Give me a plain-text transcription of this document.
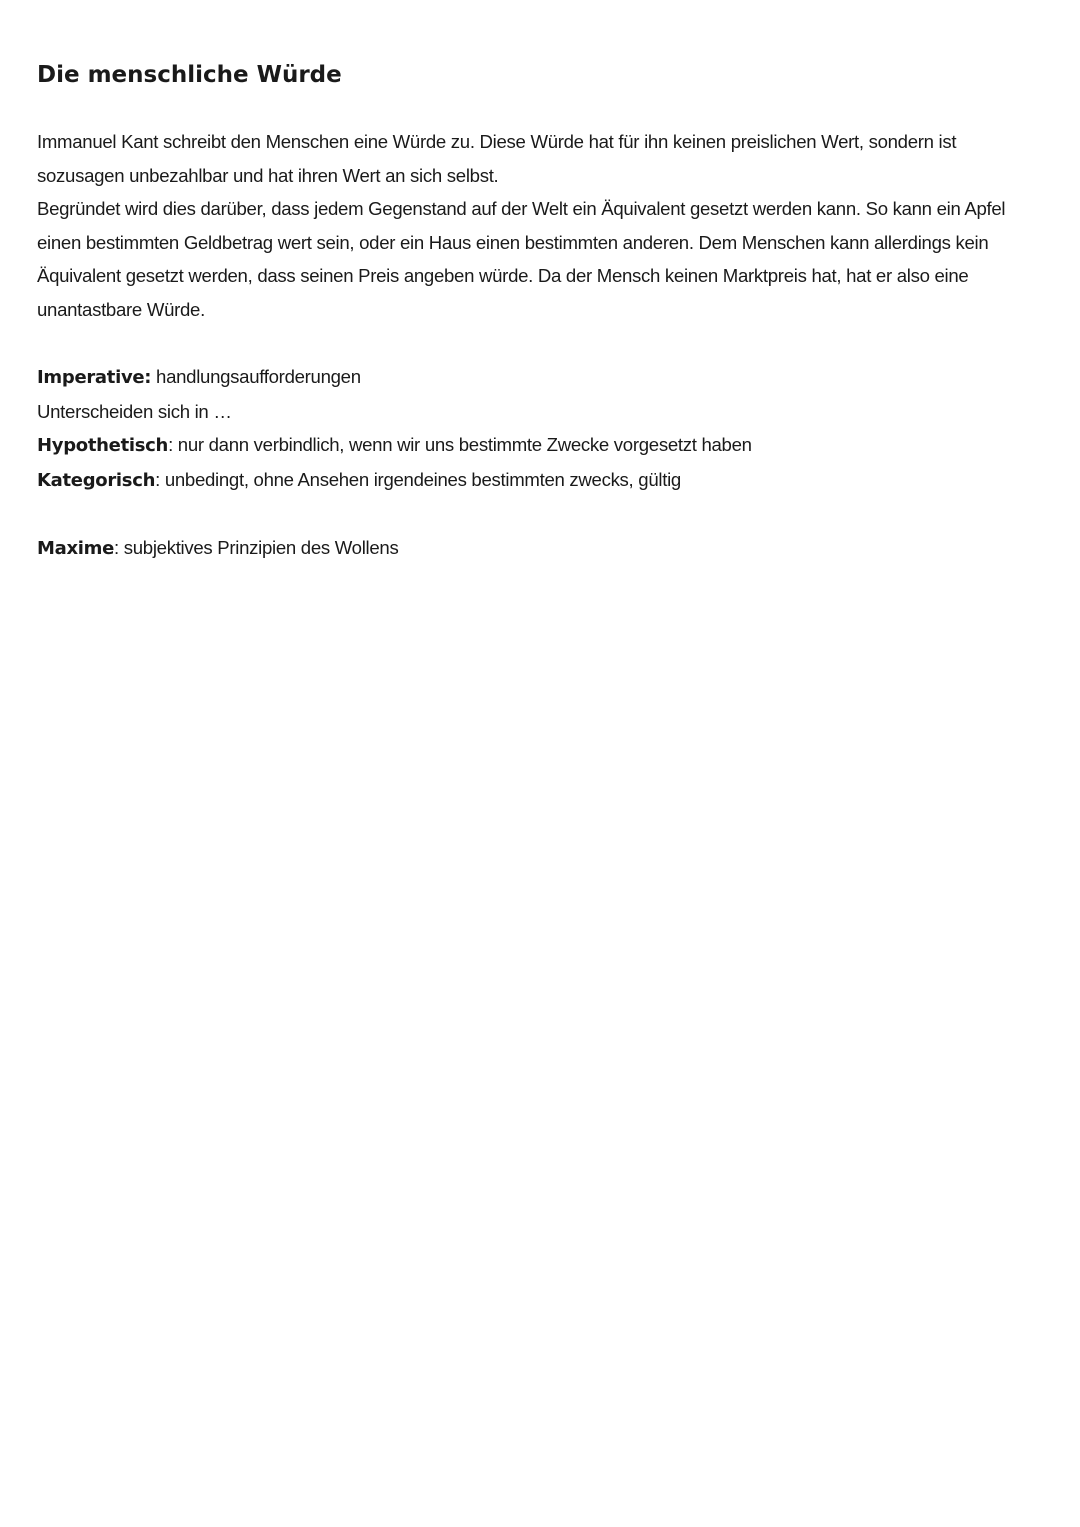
Die menschliche Würde

Immanuel Kant schreibt den Menschen eine Würde zu. Diese Würde hat für ihn keinen preislichen Wert, sondern ist sozusagen unbezahlbar und hat ihren Wert an sich selbst.

Begründet wird dies darüber, dass jedem Gegenstand auf der Welt ein Äquivalent gesetzt werden kann. So kann ein Apfel einen bestimmten Geldbetrag wert sein, oder ein Haus einen bestimmten anderen. Dem Menschen kann allerdings kein Äquivalent gesetzt werden, dass seinen Preis angeben würde. Da der Mensch keinen Marktpreis hat, hat er also eine unantastbare Würde.

Imperative: handlungsaufforderungen
Unterscheiden sich in …
Hypothetisch: nur dann verbindlich, wenn wir uns bestimmte Zwecke vorgesetzt haben
Kategorisch: unbedingt, ohne Ansehen irgendeines bestimmten zwecks, gültig
Maxime: subjektives Prinzipien des Wollens
